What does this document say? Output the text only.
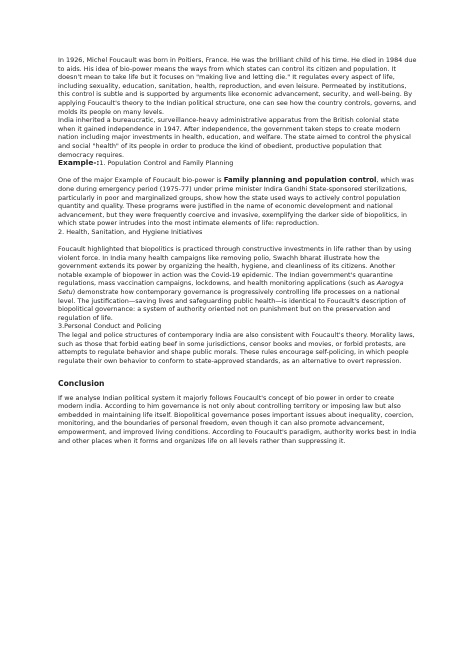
In 1926, Michel Foucault was born in Poitiers, France. He was the brilliant child of his time. He died in 1984 due to aids. His idea of bio-power means the ways from which states can control its citizen and population. It doesn't mean to take life but it focuses on "making live and letting die." It regulates every aspect of life, including sexuality, education, sanitation, health, reproduction, and even leisure. Permeated by institutions, this control is subtle and is supported by arguments like economic advancement, security, and well-being. By applying Foucault's theory to the Indian political structure, one can see how the country controls, governs, and molds its people on many levels.

India inherited a bureaucratic, surveillance-heavy administrative apparatus from the British colonial state when it gained independence in 1947. After independence, the government taken steps to create modern nation including major investments in health, education, and welfare. The state aimed to control the physical and social "health" of its people in order to produce the kind of obedient, productive population that democracy requires.

Example-:1. Population Control and Family Planning

One of the major Example of Foucault bio-power is Family planning and population control, which was done during emergency period (1975-77) under prime minister Indira Gandhi State-sponsored sterilizations, particularly in poor and marginalized groups, show how the state used ways to actively control population quantity and quality. These programs were justified in the name of economic development and national advancement, but they were frequently coercive and invasive, exemplifying the darker side of biopolitics, in which state power intrudes into the most intimate elements of life: reproduction.

2. Health, Sanitation, and Hygiene Initiatives

Foucault highlighted that biopolitics is practiced through constructive investments in life rather than by using violent force. In India many health campaigns like removing polio, Swachh bharat illustrate how the government extends its power by organizing the health, hygiene, and cleanliness of its citizens. Another notable example of biopower in action was the Covid-19 epidemic. The Indian government's quarantine regulations, mass vaccination campaigns, lockdowns, and health monitoring applications (such as Aarogya Setu) demonstrate how contemporary governance is progressively controlling life processes on a national level. The justification—saving lives and safeguarding public health—is identical to Foucault's description of biopolitical governance: a system of authority oriented not on punishment but on the preservation and regulation of life.

3.Personal Conduct and Policing

The legal and police structures of contemporary India are also consistent with Foucault's theory. Morality laws, such as those that forbid eating beef in some jurisdictions, censor books and movies, or forbid protests, are attempts to regulate behavior and shape public morals. These rules encourage self-policing, in which people regulate their own behavior to conform to state-approved standards, as an alternative to overt repression.

Conclusion

If we analyse Indian political system it majorly follows Foucault's concept of bio power in order to create modern india. According to him governance is not only about controlling territory or imposing law but also embedded in maintaining life itself. Biopolitical governance poses important issues about inequality, coercion, monitoring, and the boundaries of personal freedom, even though it can also promote advancement, empowerment, and improved living conditions. According to Foucault's paradigm, authority works best in India and other places when it forms and organizes life on all levels rather than suppressing it.
